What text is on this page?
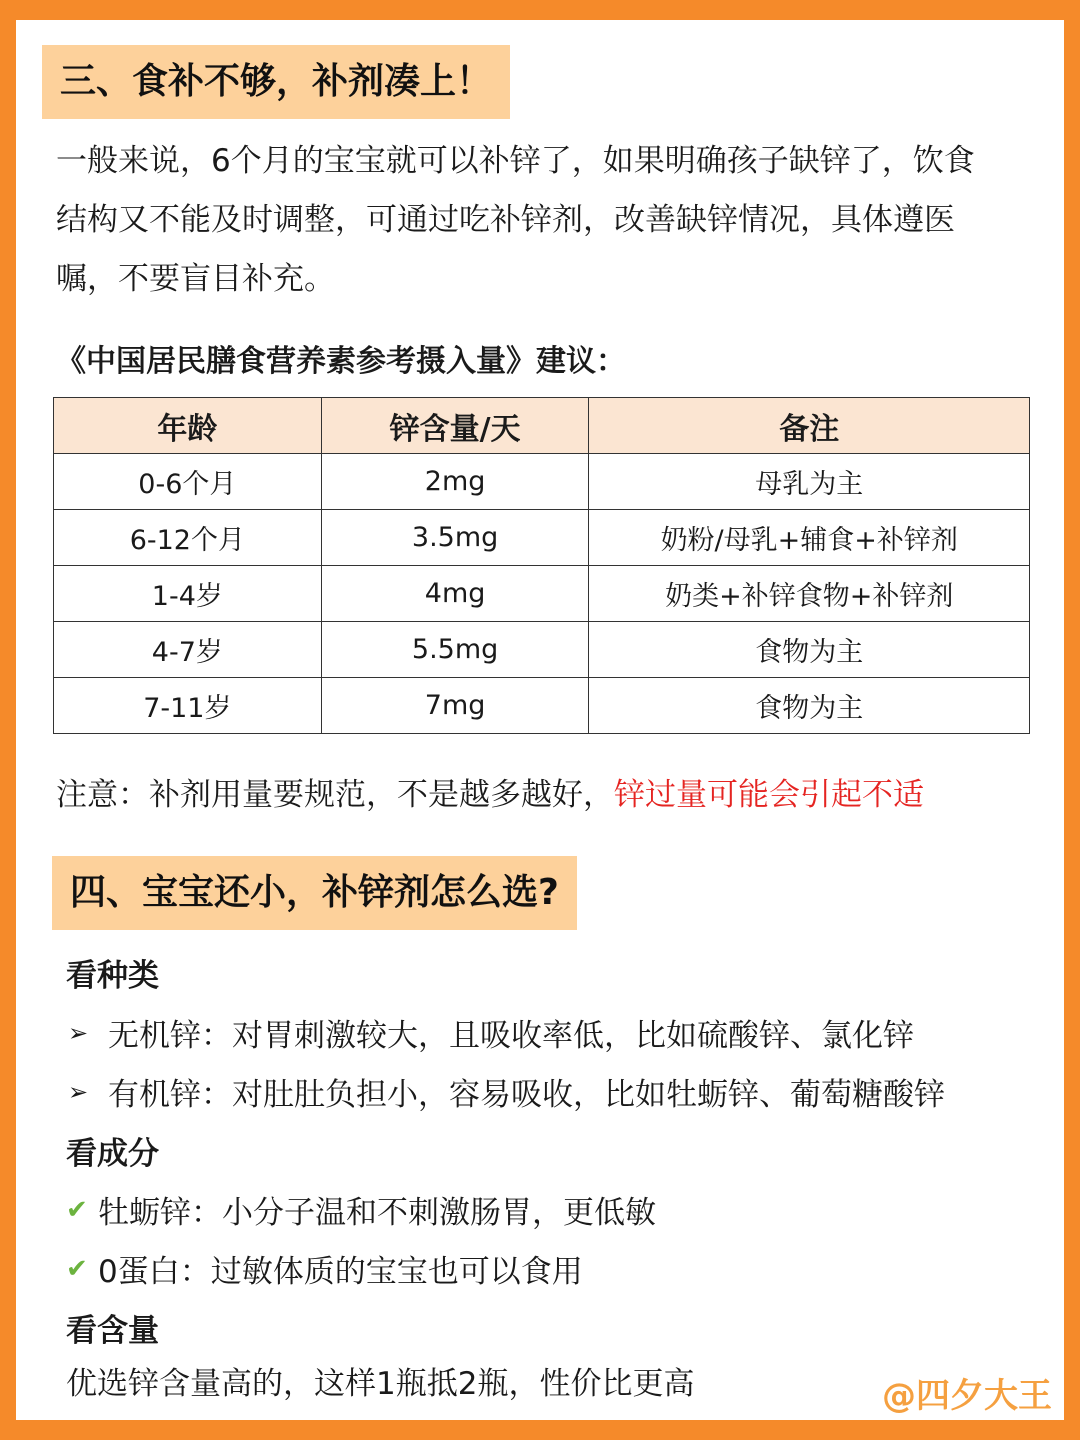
三、食补不够，补剂凑上！
一般来说，6个月的宝宝就可以补锌了，如果明确孩子缺锌了，饮食
结构又不能及时调整，可通过吃补锌剂，改善缺锌情况，具体遵医
嘱，不要盲目补充。
《中国居民膳食营养素参考摄入量》建议：
年龄	锌含量/天	备注
0-6个月	2mg	母乳为主
6-12个月	3.5mg	奶粉/母乳+辅食+补锌剂
1-4岁	4mg	奶类+补锌食物+补锌剂
4-7岁	5.5mg	食物为主
7-11岁	7mg	食物为主
注意：补剂用量要规范，不是越多越好，锌过量可能会引起不适
四、宝宝还小，补锌剂怎么选?
看种类
➢ 无机锌：对胃刺激较大，且吸收率低，比如硫酸锌、氯化锌
➢ 有机锌：对肚肚负担小，容易吸收，比如牡蛎锌、葡萄糖酸锌
看成分
✔ 牡蛎锌：小分子温和不刺激肠胃，更低敏
✔ 0蛋白：过敏体质的宝宝也可以食用
看含量
优选锌含量高的，这样1瓶抵2瓶，性价比更高	@四夕大王
